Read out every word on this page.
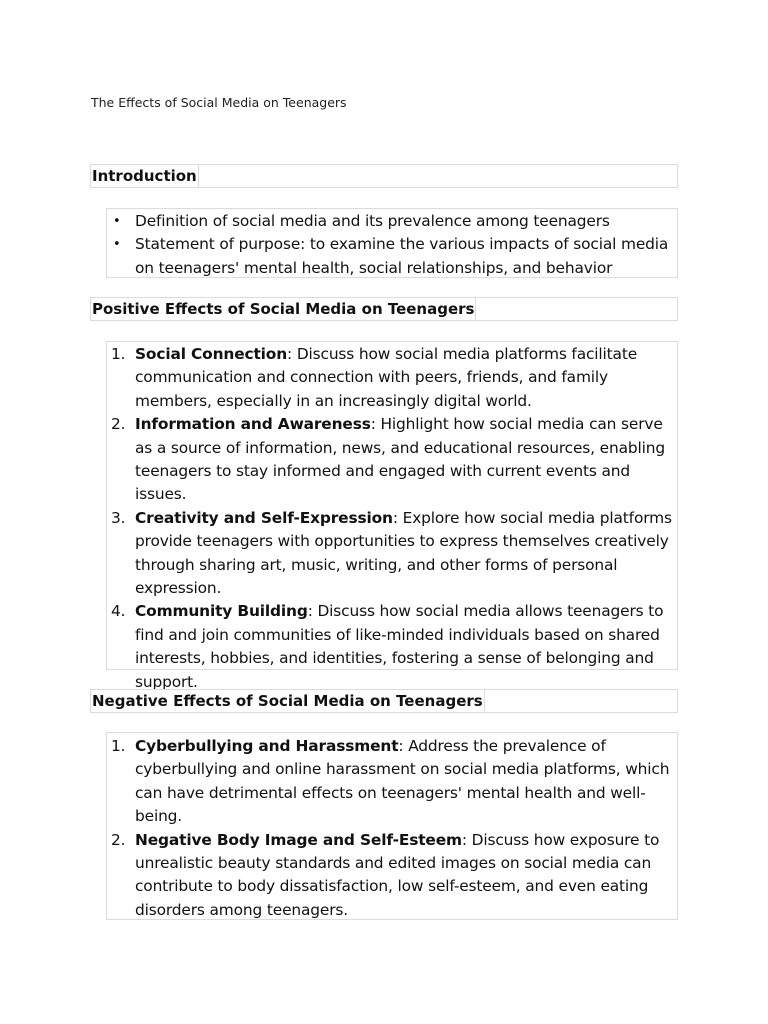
The Effects of Social Media on Teenagers
Introduction
• Definition of social media and its prevalence among teenagers
• Statement of purpose: to examine the various impacts of social media on teenagers' mental health, social relationships, and behavior
Positive Effects of Social Media on Teenagers
1. Social Connection: Discuss how social media platforms facilitate communication and connection with peers, friends, and family members, especially in an increasingly digital world.
2. Information and Awareness: Highlight how social media can serve as a source of information, news, and educational resources, enabling teenagers to stay informed and engaged with current events and issues.
3. Creativity and Self-Expression: Explore how social media platforms provide teenagers with opportunities to express themselves creatively through sharing art, music, writing, and other forms of personal expression.
4. Community Building: Discuss how social media allows teenagers to find and join communities of like-minded individuals based on shared interests, hobbies, and identities, fostering a sense of belonging and support.
Negative Effects of Social Media on Teenagers
1. Cyberbullying and Harassment: Address the prevalence of cyberbullying and online harassment on social media platforms, which can have detrimental effects on teenagers' mental health and well-being.
2. Negative Body Image and Self-Esteem: Discuss how exposure to unrealistic beauty standards and edited images on social media can contribute to body dissatisfaction, low self-esteem, and even eating disorders among teenagers.
